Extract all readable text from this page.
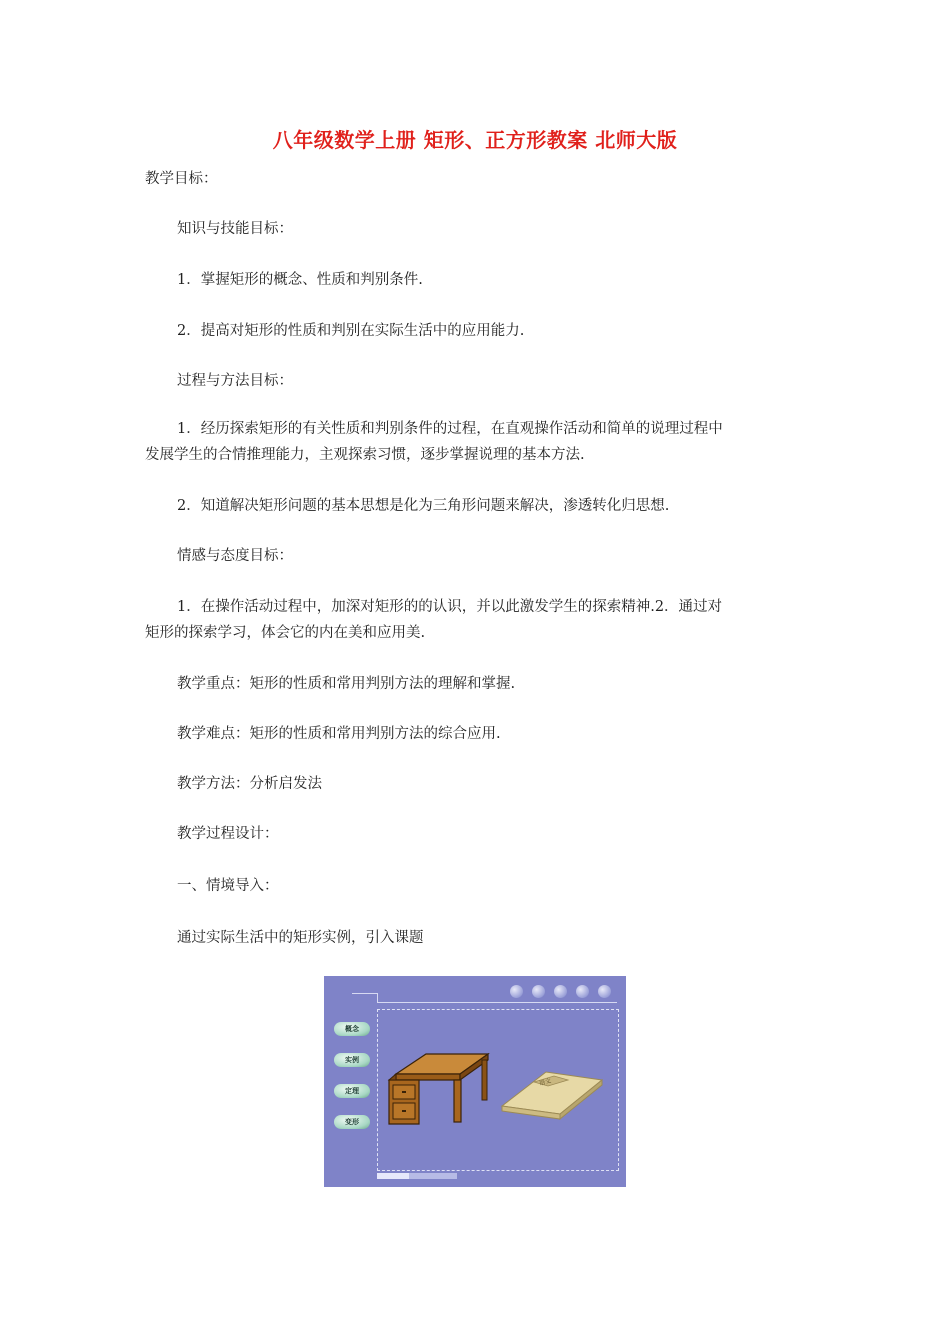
八年级数学上册 矩形、正方形教案 北师大版
教学目标：
知识与技能目标：
1．掌握矩形的概念、性质和判别条件.
2．提高对矩形的性质和判别在实际生活中的应用能力.
过程与方法目标：
1．经历探索矩形的有关性质和判别条件的过程，在直观操作活动和简单的说理过程中
发展学生的合情推理能力，主观探索习惯，逐步掌握说理的基本方法.
2．知道解决矩形问题的基本思想是化为三角形问题来解决，渗透转化归思想.
情感与态度目标：
1．在操作活动过程中，加深对矩形的的认识，并以此激发学生的探索精神.2．通过对
矩形的探索学习，体会它的内在美和应用美.
教学重点：矩形的性质和常用判别方法的理解和掌握.
教学难点：矩形的性质和常用判别方法的综合应用.
教学方法：分析启发法
教学过程设计：
一、情境导入：
通过实际生活中的矩形实例，引入课题
概念
实例
定理
变形
语文
